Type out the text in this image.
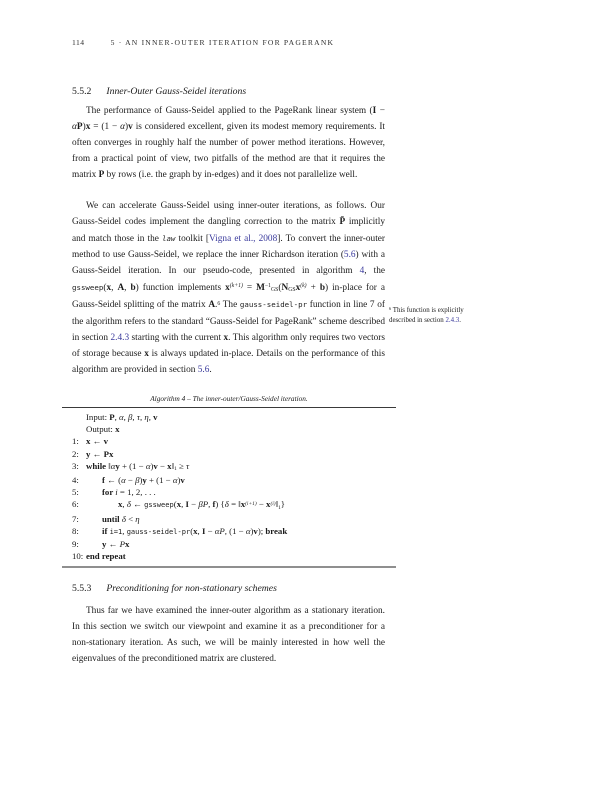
114	5 · AN INNER-OUTER ITERATION FOR PAGERANK
5.5.2 Inner-Outer Gauss-Seidel iterations
The performance of Gauss-Seidel applied to the PageRank linear system (I − αP)x = (1 − α)v is considered excellent, given its modest memory requirements. It often converges in roughly half the number of power method iterations. However, from a practical point of view, two pitfalls of the method are that it requires the matrix P by rows (i.e. the graph by in-edges) and it does not parallelize well.
We can accelerate Gauss-Seidel using inner-outer iterations, as follows. Our Gauss-Seidel codes implement the dangling correction to the matrix P̄ implicitly and match those in the law toolkit [Vigna et al., 2008]. To convert the inner-outer method to use Gauss-Seidel, we replace the inner Richardson iteration (5.6) with a Gauss-Seidel iteration. In our pseudo-code, presented in algorithm 4, the gssweep(x, A, b) function implements $x^{(k+1)}$ = $M^{-1}GS(NGSx^{(k)} + b)$ in-place for a Gauss-Seidel splitting of the matrix A.$^6$ The gauss-seidel-pr function in line 7 of the algorithm refers to the standard “Gauss-Seidel for PageRank” scheme described in section 2.4.3 starting with the current x. This algorithm only requires two vectors of storage because x is always updated in-place. Details on the performance of this algorithm are provided in section 5.6.
$^6$ This function is explicitly described in section 2.4.3.
Algorithm 4 – The inner-outer/Gauss-Seidel iteration.
Input: P, α, β, τ, η, v
Output: x
1: x ← v
2: y ← Px
3: while ‖αy + (1 − α)v − x‖1 ≥ τ
4:	f ← (α − β)y + (1 − α)v
5:	for i = 1, 2, . . .
6:	x, δ ← gssweep(x, I − βP, f) {$\delta = ‖x^{(i+1)}$ − $x^{(i)}‖1$}
7:	until δ < η
8:	if i=1, gauss-seidel-pr(x, I − αP, (1 − α)v); break
9:	y ← Px
10: end repeat
5.5.3 Preconditioning for non-stationary schemes
Thus far we have examined the inner-outer algorithm as a stationary iteration. In this section we switch our viewpoint and examine it as a preconditioner for a non-stationary iteration. As such, we will be mainly interested in how well the eigenvalues of the preconditioned matrix are clustered.
